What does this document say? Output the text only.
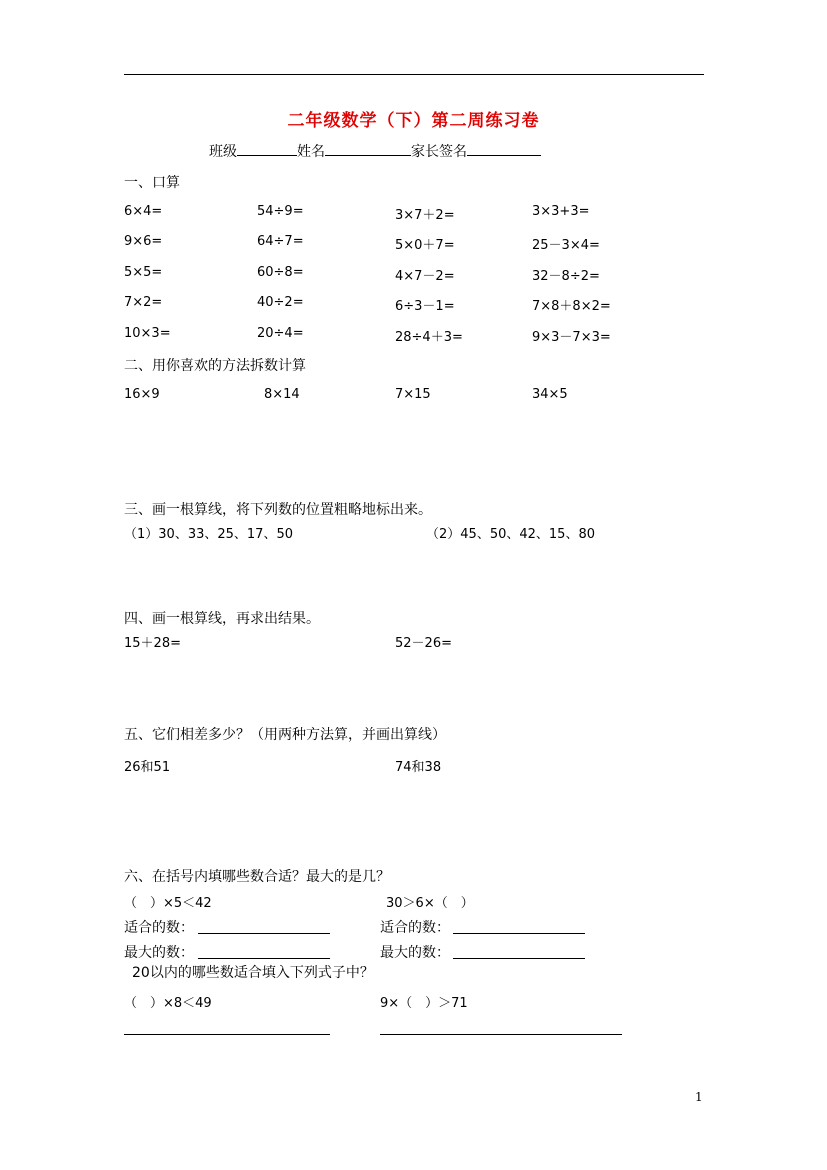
二年级数学（下）第二周练习卷
班级	姓名	家长签名
一、口算
6×4=	54÷9=	3×7＋2=	3×3+3=
9×6=	64÷7=	5×0＋7=	25－3×4=
5×5=	60÷8=	4×7－2=	32－8÷2=
7×2=	40÷2=	6÷3－1=	7×8＋8×2=
10×3=	20÷4=	28÷4＋3=	9×3－7×3=
二、用你喜欢的方法拆数计算
16×9	8×14	7×15	34×5
三、画一根算线，将下列数的位置粗略地标出来。
（1）30、33、25、17、50	（2）45、50、42、15、80
四、画一根算线，再求出结果。
15＋28=	52－26=
五、它们相差多少？（用两种方法算，并画出算线）
26和51	74和38
六、在括号内填哪些数合适？最大的是几？
（　）×5＜42	30＞6×（　）
适合的数：	适合的数：
最大的数：	最大的数：
20以内的哪些数适合填入下列式子中？
（　）×8＜49	9×（　）＞71
1
